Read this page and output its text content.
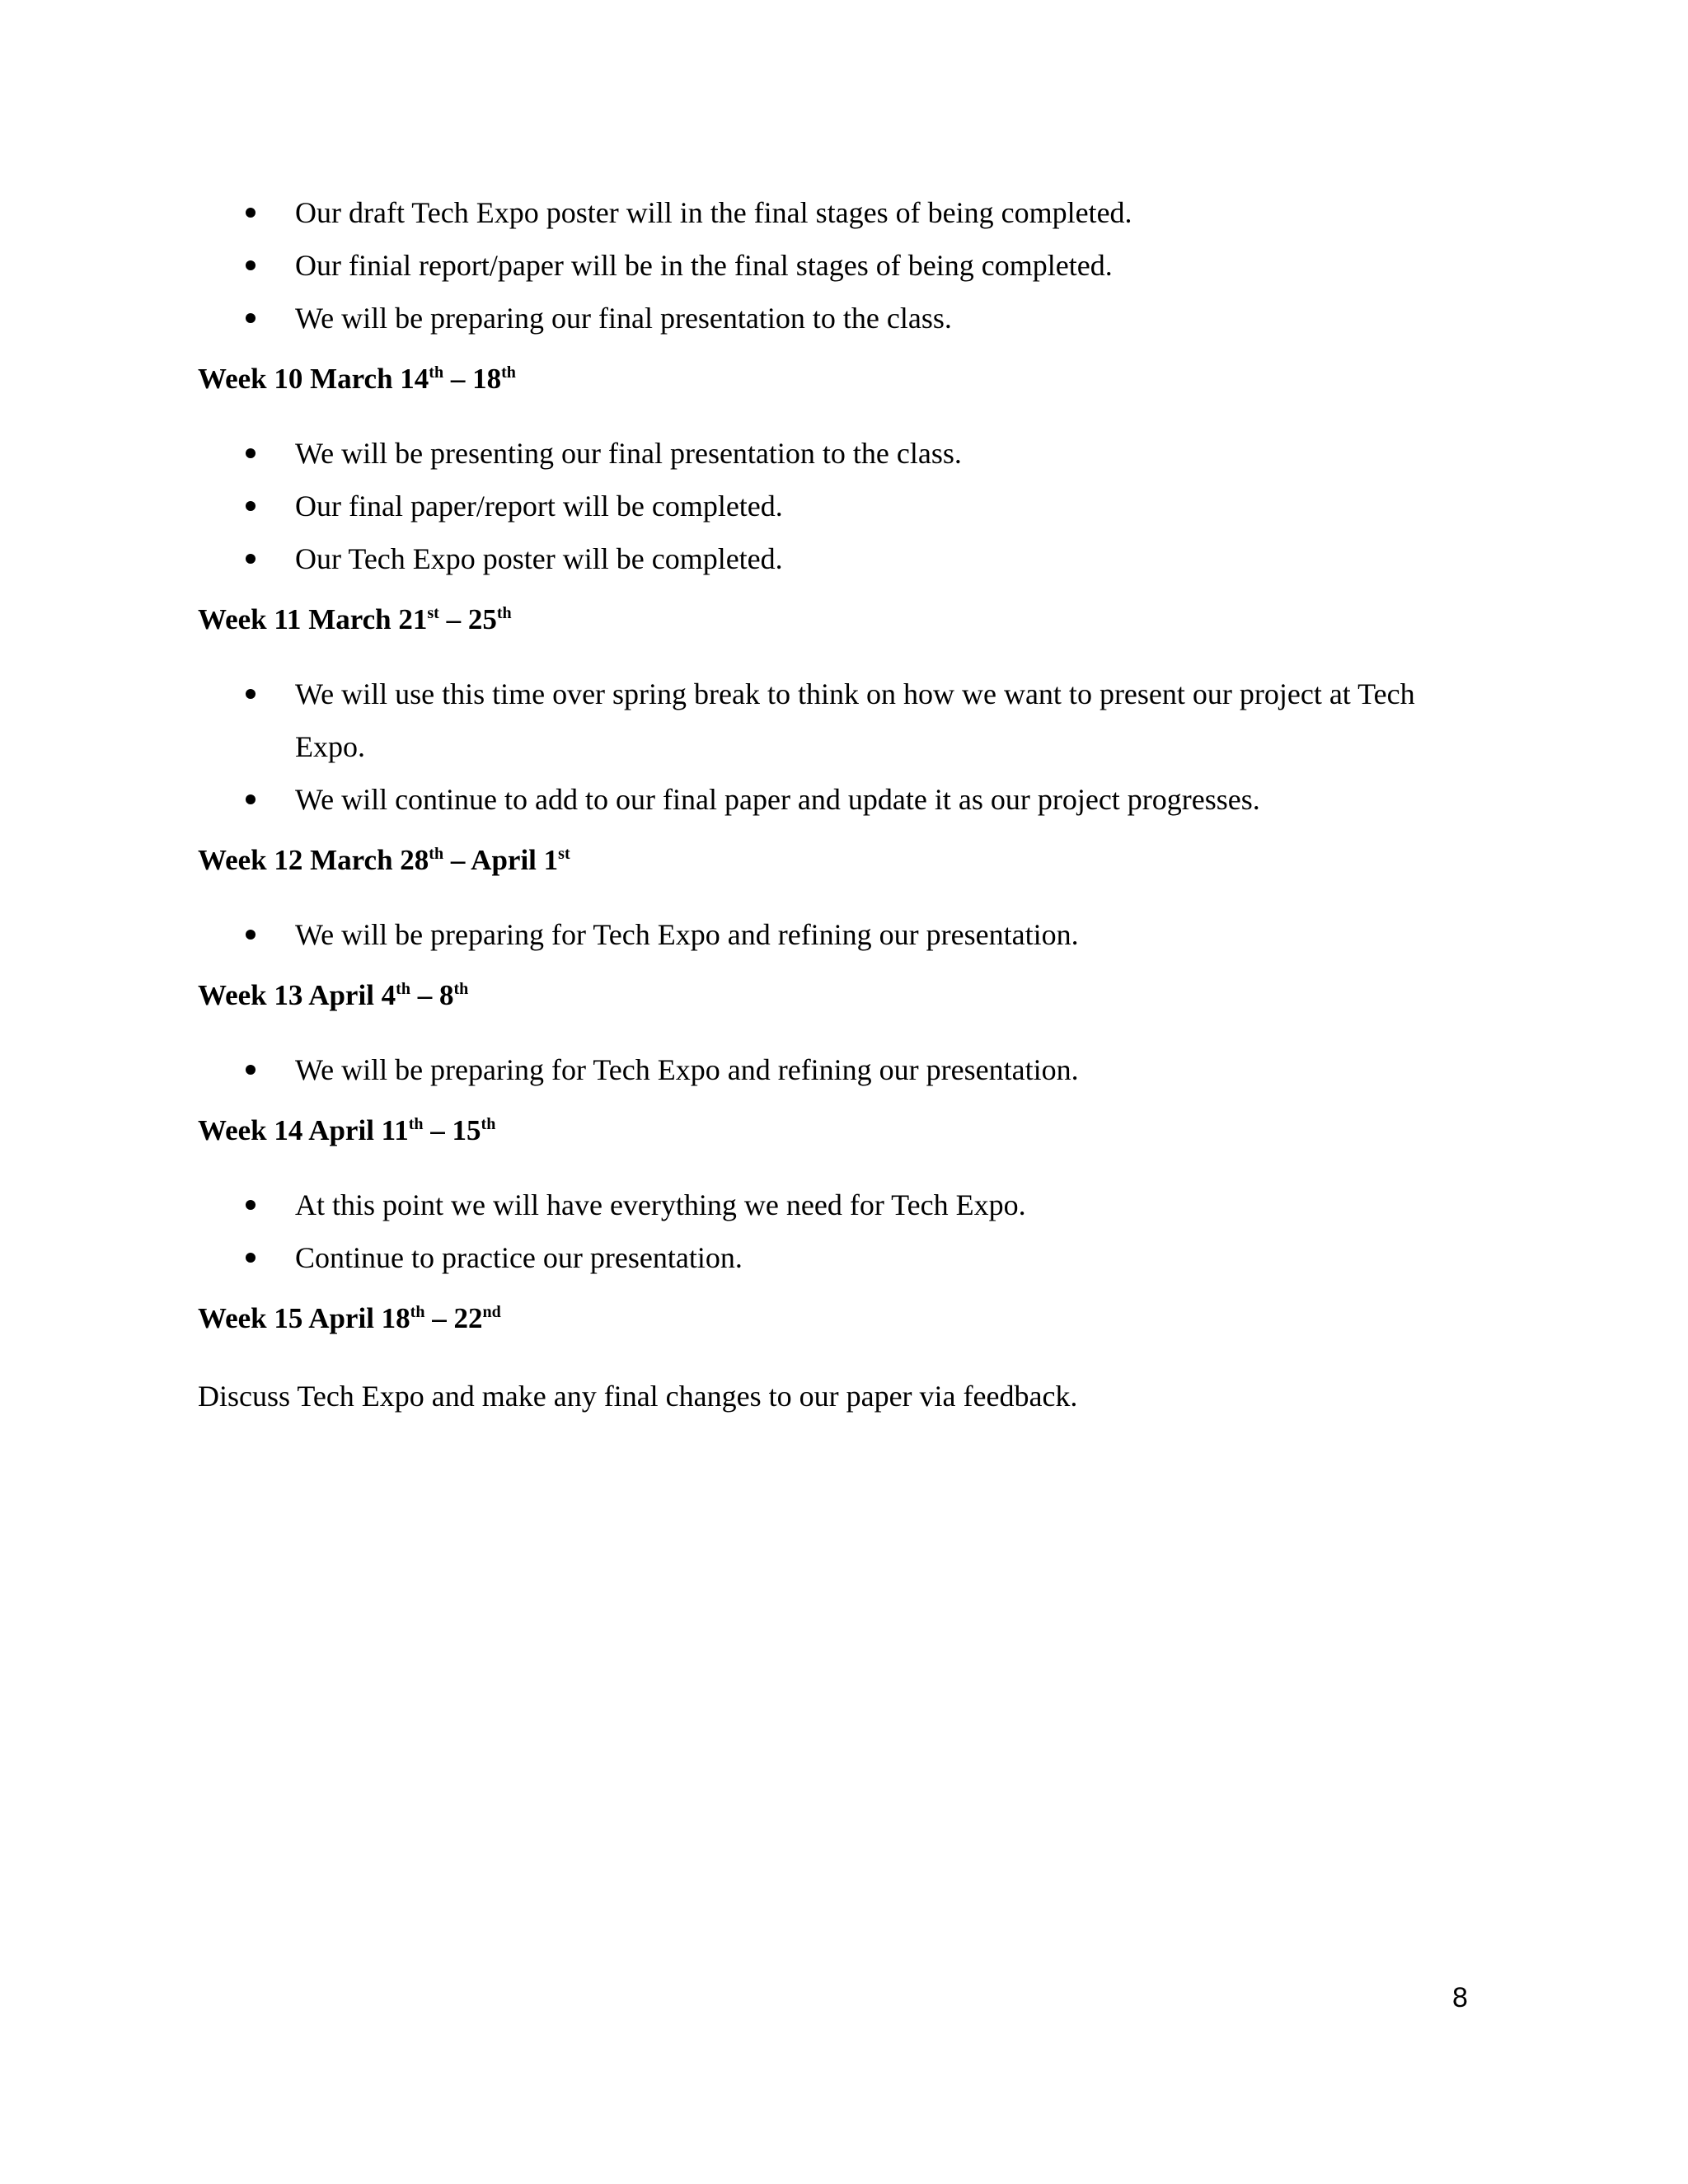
Our draft Tech Expo poster will in the final stages of being completed.
Our finial report/paper will be in the final stages of being completed.
We will be preparing our final presentation to the class.
Week 10 March 14th – 18th
We will be presenting our final presentation to the class.
Our final paper/report will be completed.
Our Tech Expo poster will be completed.
Week 11 March 21st – 25th
We will use this time over spring break to think on how we want to present our project at Tech Expo.
We will continue to add to our final paper and update it as our project progresses.
Week 12 March 28th – April 1st
We will be preparing for Tech Expo and refining our presentation.
Week 13 April 4th – 8th
We will be preparing for Tech Expo and refining our presentation.
Week 14 April 11th – 15th
At this point we will have everything we need for Tech Expo.
Continue to practice our presentation.
Week 15 April 18th – 22nd

Discuss Tech Expo and make any final changes to our paper via feedback.

8
